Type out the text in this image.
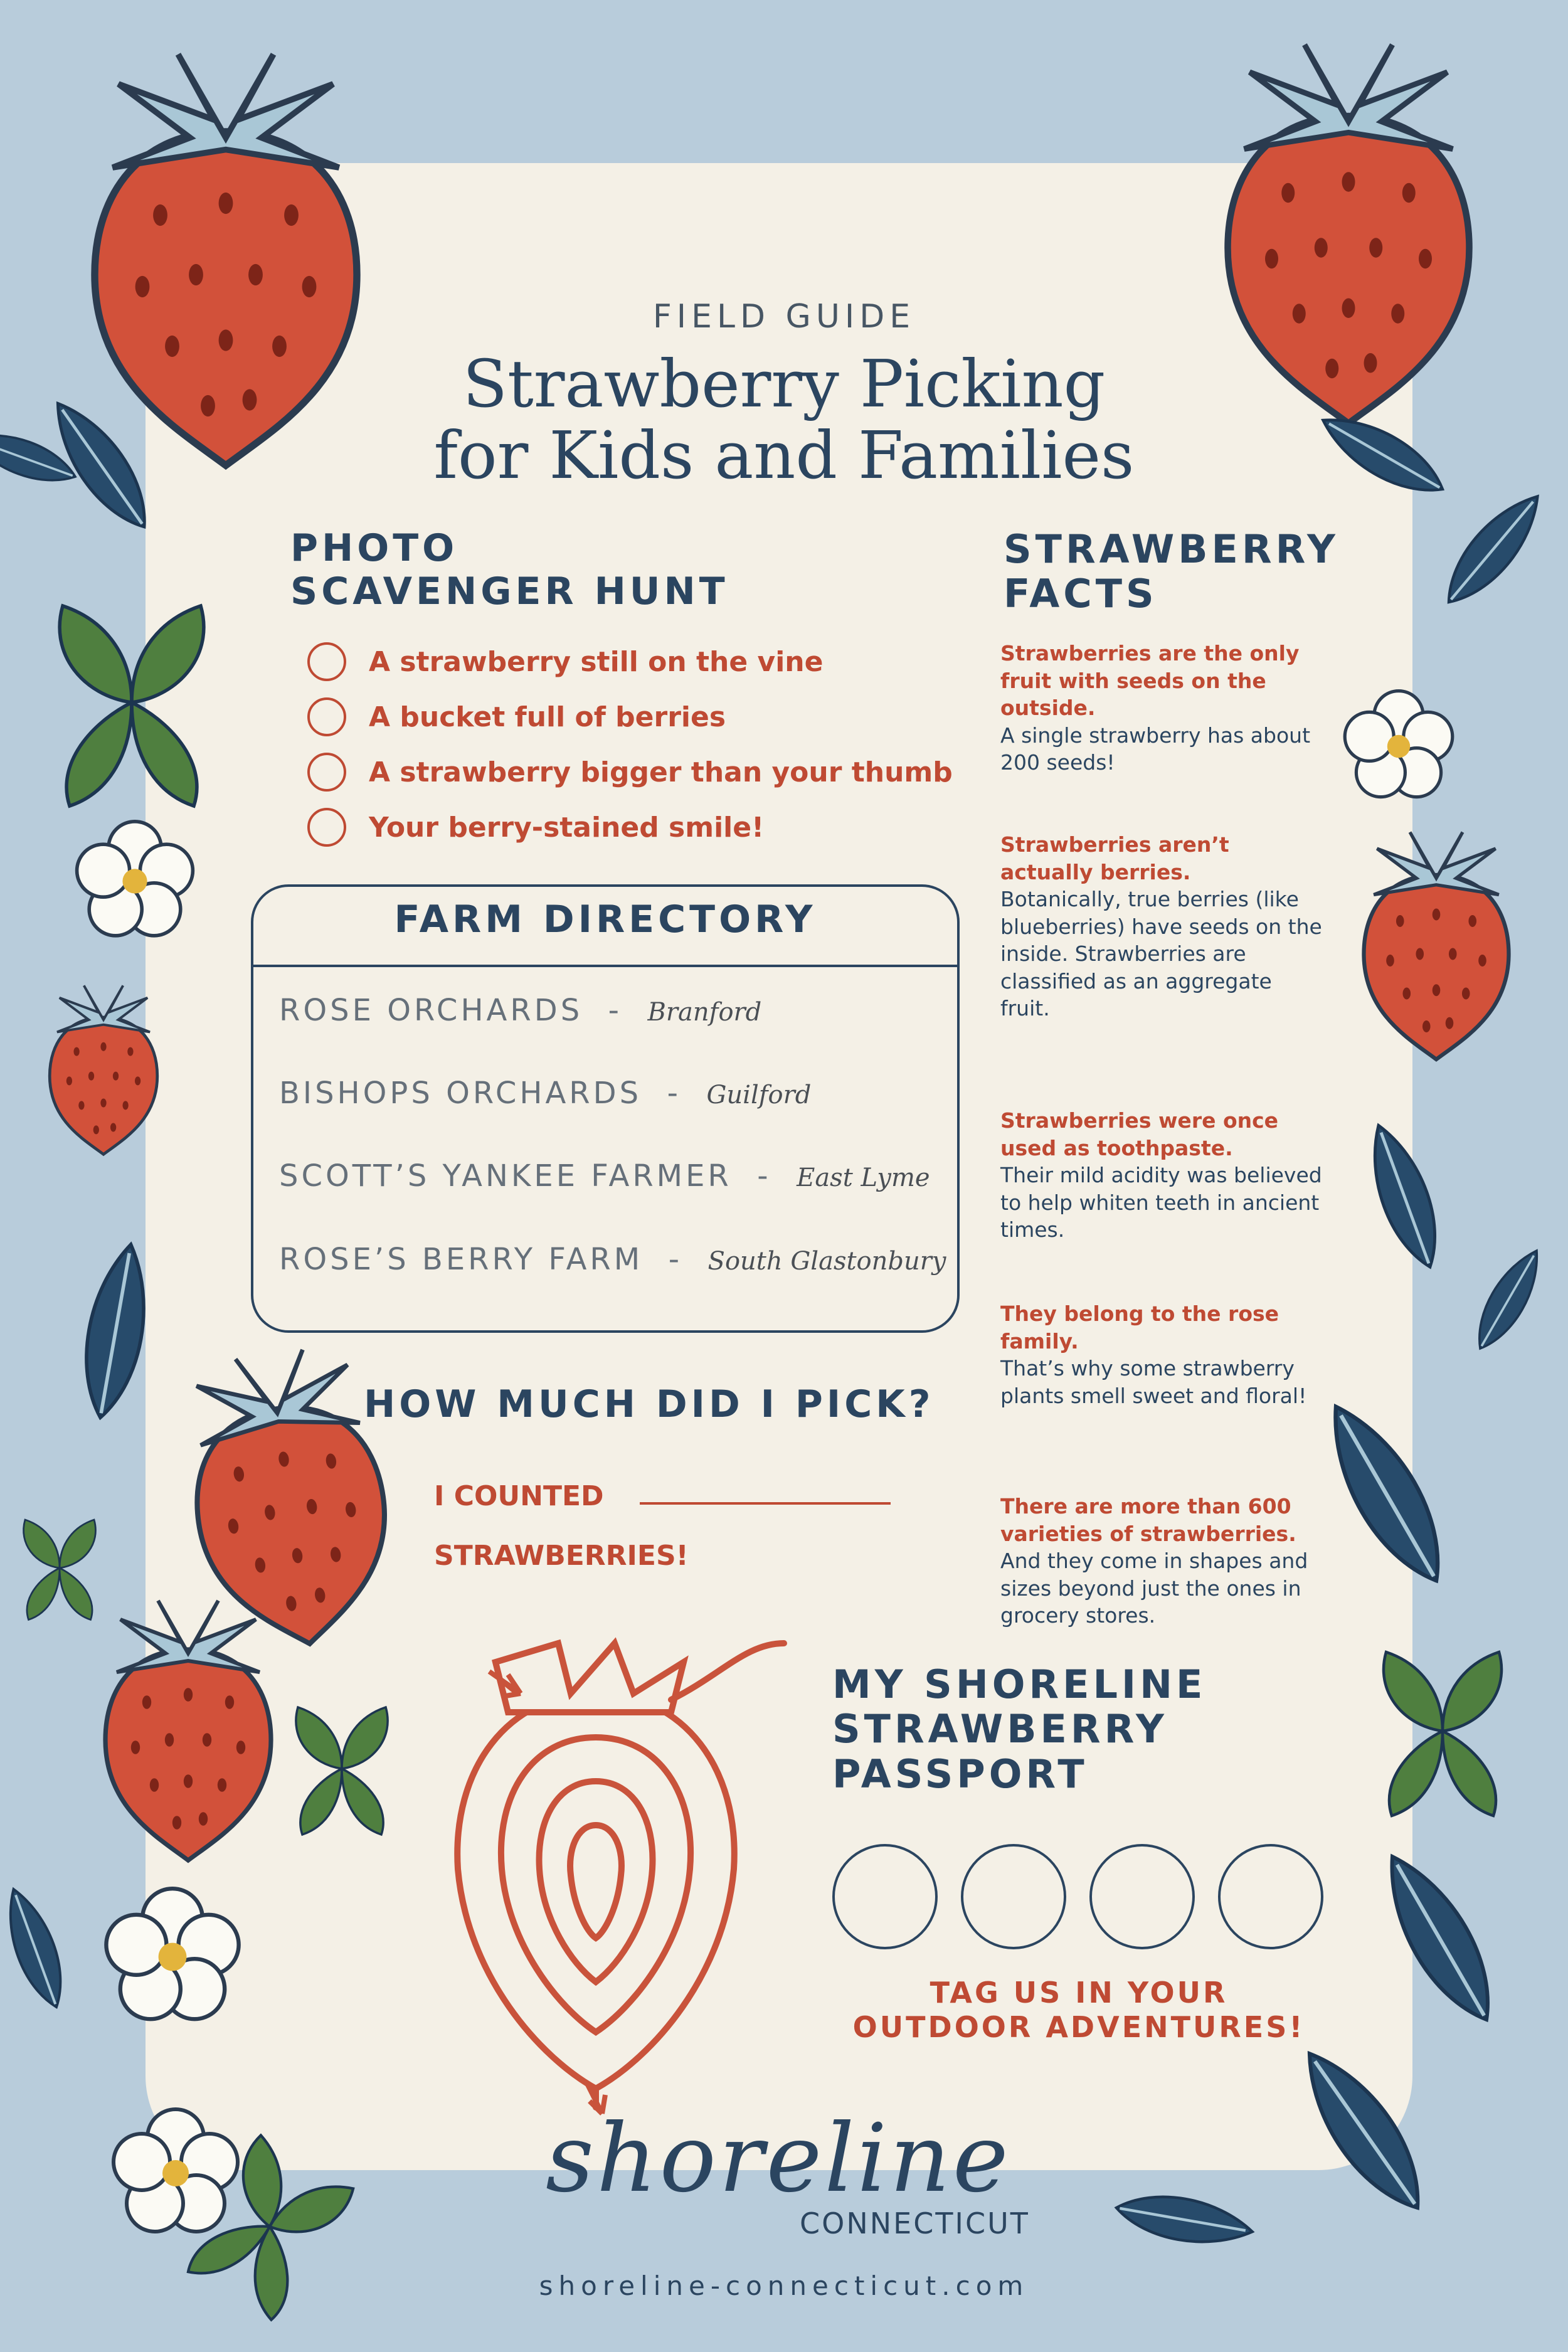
FIELD GUIDE
Strawberry Picking
for Kids and Families
PHOTO
SCAVENGER HUNT
A strawberry still on the vine
A bucket full of berries
A strawberry bigger than your thumb
Your berry-stained smile!
FARM DIRECTORY
ROSE ORCHARDS - Branford
BISHOPS ORCHARDS - Guilford
SCOTT’S YANKEE FARMER - East Lyme
ROSE’S BERRY FARM - South Glastonbury
HOW MUCH DID I PICK?
I COUNTED
STRAWBERRIES!
STRAWBERRY
FACTS
Strawberries are the only fruit with seeds on the outside.
A single strawberry has about 200 seeds!
Strawberries aren’t actually berries.
Botanically, true berries (like blueberries) have seeds on the inside. Strawberries are classified as an aggregate fruit.
Strawberries were once used as toothpaste.
Their mild acidity was believed to help whiten teeth in ancient times.
They belong to the rose family.
That’s why some strawberry plants smell sweet and floral!
There are more than 600 varieties of strawberries.
And they come in shapes and sizes beyond just the ones in grocery stores.
MY SHORELINE
STRAWBERRY
PASSPORT
TAG US IN YOUR
OUTDOOR ADVENTURES!
shoreline
CONNECTICUT
shoreline-connecticut.com
